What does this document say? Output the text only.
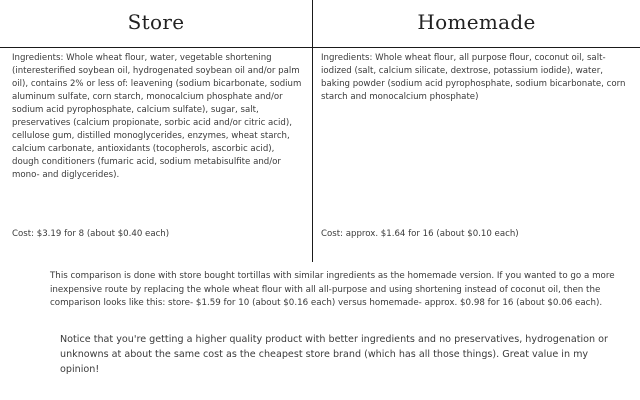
Store	Homemade
Ingredients: Whole wheat flour, water, vegetable shortening (interesterified soybean oil, hydrogenated soybean oil and/or palm oil), contains 2% or less of: leavening (sodium bicarbonate, sodium aluminum sulfate, corn starch, monocalcium phosphate and/or sodium acid pyrophosphate, calcium sulfate), sugar, salt, preservatives (calcium propionate, sorbic acid and/or citric acid), cellulose gum, distilled monoglycerides, enzymes, wheat starch, calcium carbonate, antioxidants (tocopherols, ascorbic acid), dough conditioners (fumaric acid, sodium metabisulfite and/or mono- and diglycerides).
Ingredients: Whole wheat flour, all purpose flour, coconut oil, salt- iodized (salt, calcium silicate, dextrose, potassium iodide), water, baking powder (sodium acid pyrophosphate, sodium bicarbonate, corn starch and monocalcium phosphate)
Cost: $3.19 for 8 (about $0.40 each)	Cost: approx. $1.64 for 16 (about $0.10 each)
This comparison is done with store bought tortillas with similar ingredients as the homemade version. If you wanted to go a more inexpensive route by replacing the whole wheat flour with all all-purpose and using shortening instead of coconut oil, then the comparison looks like this: store- $1.59 for 10 (about $0.16 each) versus homemade- approx. $0.98 for 16 (about $0.06 each).
Notice that you're getting a higher quality product with better ingredients and no preservatives, hydrogenation or unknowns at about the same cost as the cheapest store brand (which has all those things). Great value in my opinion!
